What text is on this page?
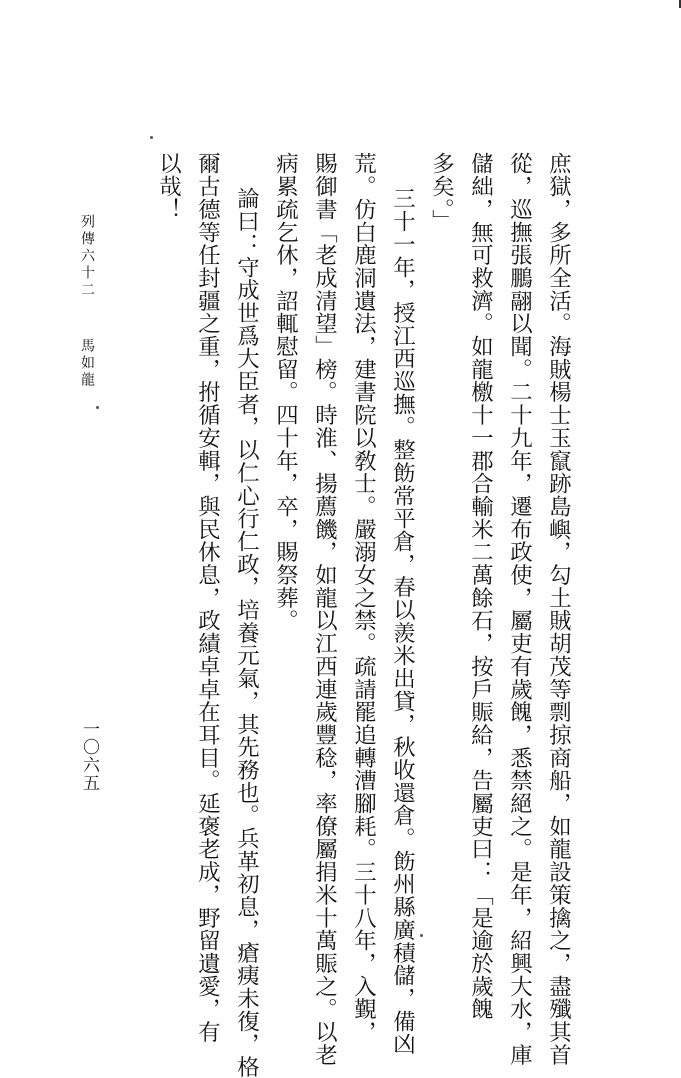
庶獄，多所全活。海賊楊士玉竄跡島嶼，勾土賊胡茂等剽掠商船，如龍設策擒之，盡殲其首
從，巡撫張鵬翮以聞。二十九年，遷布政使，屬吏有歲餽，悉禁絕之。是年，紹興大水，庫
儲絀，無可救濟。如龍檄十一郡合輸米二萬餘石，按戶賑給，告屬吏曰：「是逾於歲餽
多矣。」
三十一年，授江西巡撫。整飭常平倉，春以羨米出貸，秋收還倉。飭州縣廣積儲，備凶
荒。仿白鹿洞遺法，建書院以敎士。嚴溺女之禁。疏請罷追轉漕腳耗。三十八年，入覲，
賜御書「老成清望」榜。時淮、揚薦饑，如龍以江西連歲豐稔，率僚屬捐米十萬賑之。以老
病累疏乞休，詔輒慰留。四十年，卒，賜祭葬。
論曰：守成世爲大臣者，以仁心行仁政，培養元氣，其先務也。兵革初息，瘡痍未復，格
爾古德等任封疆之重，拊循安輯，與民休息，政績卓卓在耳目。延褒老成，野留遺愛，有
以哉！
列傳六十二
馬如龍
一〇六五
